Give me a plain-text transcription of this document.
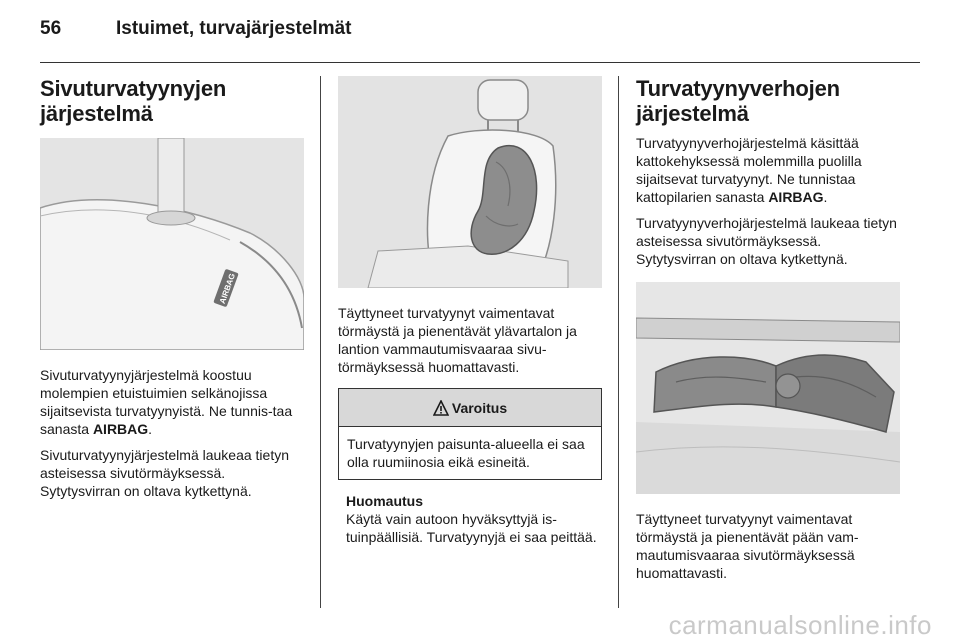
56	Istuimet, turvajärjestelmät
Sivuturvatyynyjen järjestelmä
AIRBAG

Sivuturvatyynyjärjestelmä koostuu molempien etuistuimien selkänojissa sijaitsevista turvatyynyistä. Ne tunnis-taa sanasta AIRBAG.

Sivuturvatyynyjärjestelmä laukeaa tietyn asteisessa sivutörmäyksessä. Sytytysvirran on oltava kytkettynä.

Täyttyneet turvatyynyt vaimentavat törmäystä ja pienentävät ylävartalon ja lantion vammautumisvaaraa sivu-törmäyksessä huomattavasti.

Varoitus
Turvatyynyjen paisunta-alueella ei saa olla ruumiinosia eikä esineitä.
Huomautus
Käytä vain autoon hyväksyttyjä is-tuinpäällisiä. Turvatyynyjä ei saa peittää.
Turvatyynyverhojen järjestelmä

Turvatyynyverhojärjestelmä käsittää kattokehyksessä molemmilla puolilla sijaitsevat turvatyynyt. Ne tunnistaa kattopilarien sanasta AIRBAG.

Turvatyynyverhojärjestelmä laukeaa tietyn asteisessa sivutörmäyksessä. Sytytysvirran on oltava kytkettynä.

Täyttyneet turvatyynyt vaimentavat törmäystä ja pienentävät pään vam-mautumisvaaraa sivutörmäyksessä huomattavasti.

carmanualsonline.info
